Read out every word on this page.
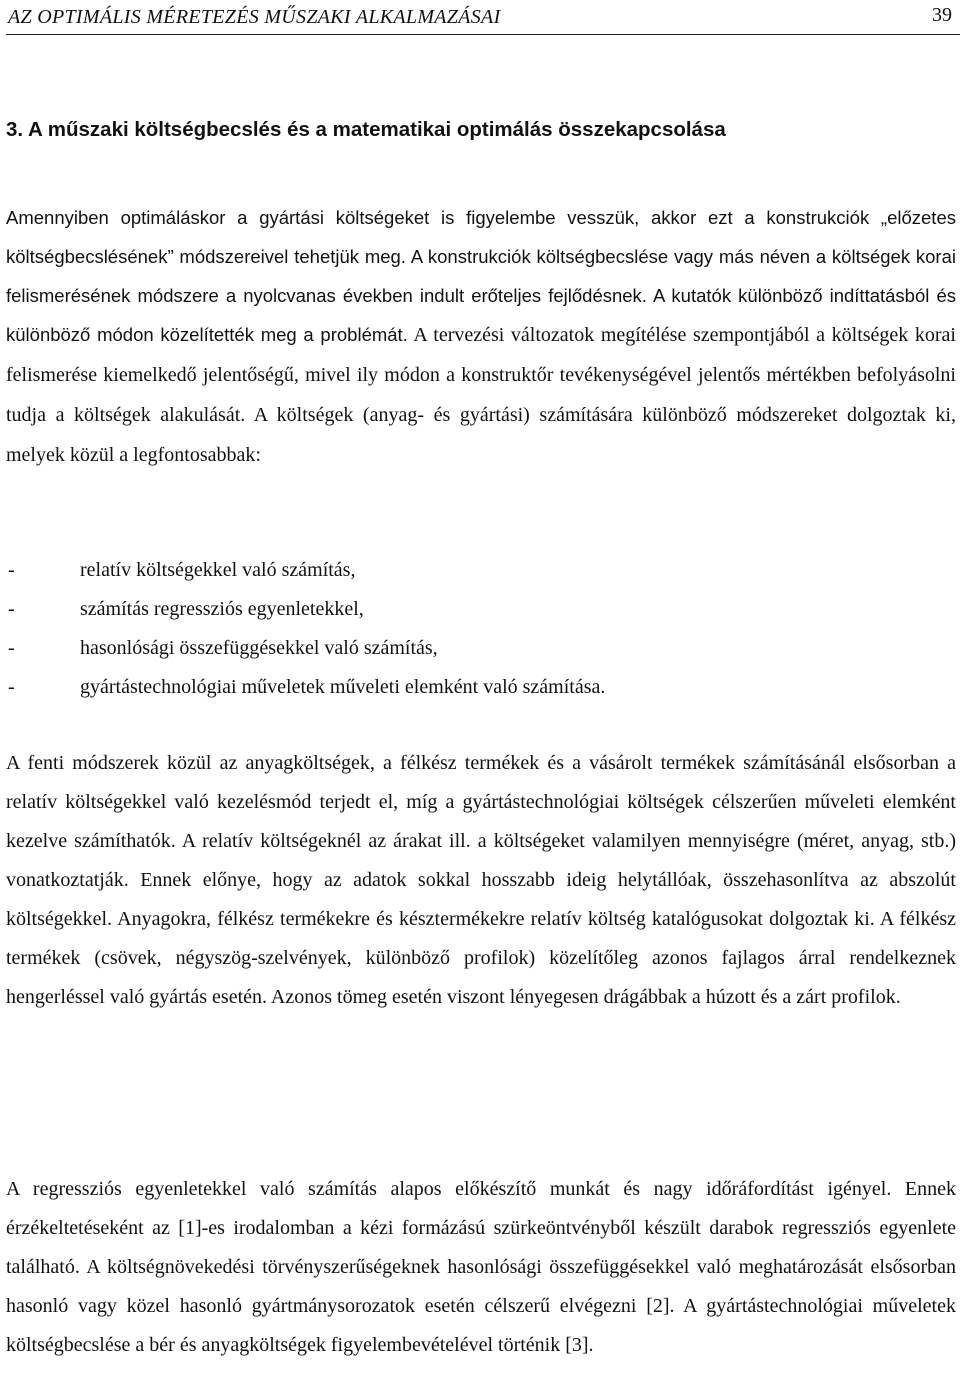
AZ OPTIMÁLIS MÉRETEZÉS MŰSZAKI ALKALMAZÁSAI	39
3. A műszaki költségbecslés és a matematikai optimálás összekapcsolása

Amennyiben optimáláskor a gyártási költségeket is figyelembe vesszük, akkor ezt a konstrukciók „előzetes költségbecslésének” módszereivel tehetjük meg. A konstrukciók költségbecslése vagy más néven a költségek korai felismerésének módszere a nyolcvanas években indult erőteljes fejlődésnek. A kutatók különböző indíttatásból és különböző módon közelítették meg a problémát. A tervezési változatok megítélése szempontjából a költségek korai felismerése kiemelkedő jelentőségű, mivel ily módon a konstruktőr tevékenységével jelentős mértékben befolyásolni tudja a költségek alakulását. A költségek (anyag- és gyártási) számítására különböző módszereket dolgoztak ki, melyek közül a legfontosabbak:

-	relatív költségekkel való számítás,
-	számítás regressziós egyenletekkel,
-	hasonlósági összefüggésekkel való számítás,
-	gyártástechnológiai műveletek műveleti elemként való számítása.

A fenti módszerek közül az anyagköltségek, a félkész termékek és a vásárolt termékek számításánál elsősorban a relatív költségekkel való kezelésmód terjedt el, míg a gyártástechnológiai költségek célszerűen műveleti elemként kezelve számíthatók. A relatív költségeknél az árakat ill. a költségeket valamilyen mennyiségre (méret, anyag, stb.) vonatkoztatják. Ennek előnye, hogy az adatok sokkal hosszabb ideig helytállóak, összehasonlítva az abszolút költségekkel. Anyagokra, félkész termékekre és késztermékekre relatív költség katalógusokat dolgoztak ki. A félkész termékek (csövek, négyszög-szelvények, különböző profilok) közelítőleg azonos fajlagos árral rendelkeznek hengerléssel való gyártás esetén. Azonos tömeg esetén viszont lényegesen drágábbak a húzott és a zárt profilok.

A regressziós egyenletekkel való számítás alapos előkészítő munkát és nagy időráfordítást igényel. Ennek érzékeltetéseként az [1]-es irodalomban a kézi formázású szürkeöntvényből készült darabok regressziós egyenlete található. A költségnövekedési törvényszerűségeknek hasonlósági összefüggésekkel való meghatározását elsősorban hasonló vagy közel hasonló gyártmánysorozatok esetén célszerű elvégezni [2]. A gyártástechnológiai műveletek költségbecslése a bér és anyagköltségek figyelembevételével történik [3].
